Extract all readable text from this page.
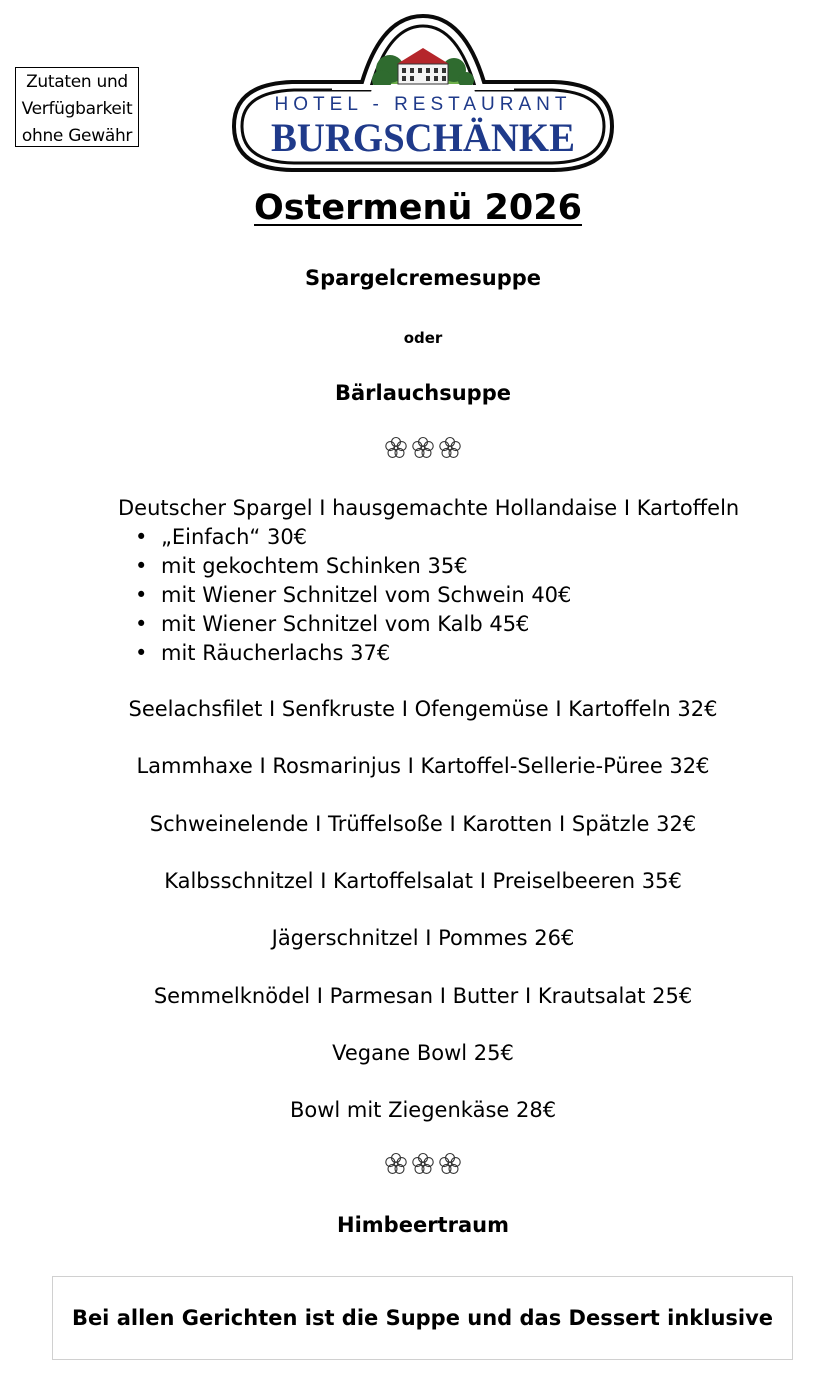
Zutaten und
Verfügbarkeit
ohne Gewähr
HOTEL - RESTAURANT
BURGSCHÄNKE
Ostermenü 2026
Spargelcremesuppe
oder
Bärlauchsuppe
Deutscher Spargel I hausgemachte Hollandaise I Kartoffeln
• „Einfach“ 30€
• mit gekochtem Schinken 35€
• mit Wiener Schnitzel vom Schwein 40€
• mit Wiener Schnitzel vom Kalb 45€
• mit Räucherlachs 37€
Seelachsfilet I Senfkruste I Ofengemüse I Kartoffeln 32€
Lammhaxe I Rosmarinjus I Kartoffel-Sellerie-Püree 32€
Schweinelende I Trüffelsoße I Karotten I Spätzle 32€
Kalbsschnitzel I Kartoffelsalat I Preiselbeeren 35€
Jägerschnitzel I Pommes 26€
Semmelknödel I Parmesan I Butter I Krautsalat 25€
Vegane Bowl 25€
Bowl mit Ziegenkäse 28€
Himbeertraum
Bei allen Gerichten ist die Suppe und das Dessert inklusive
